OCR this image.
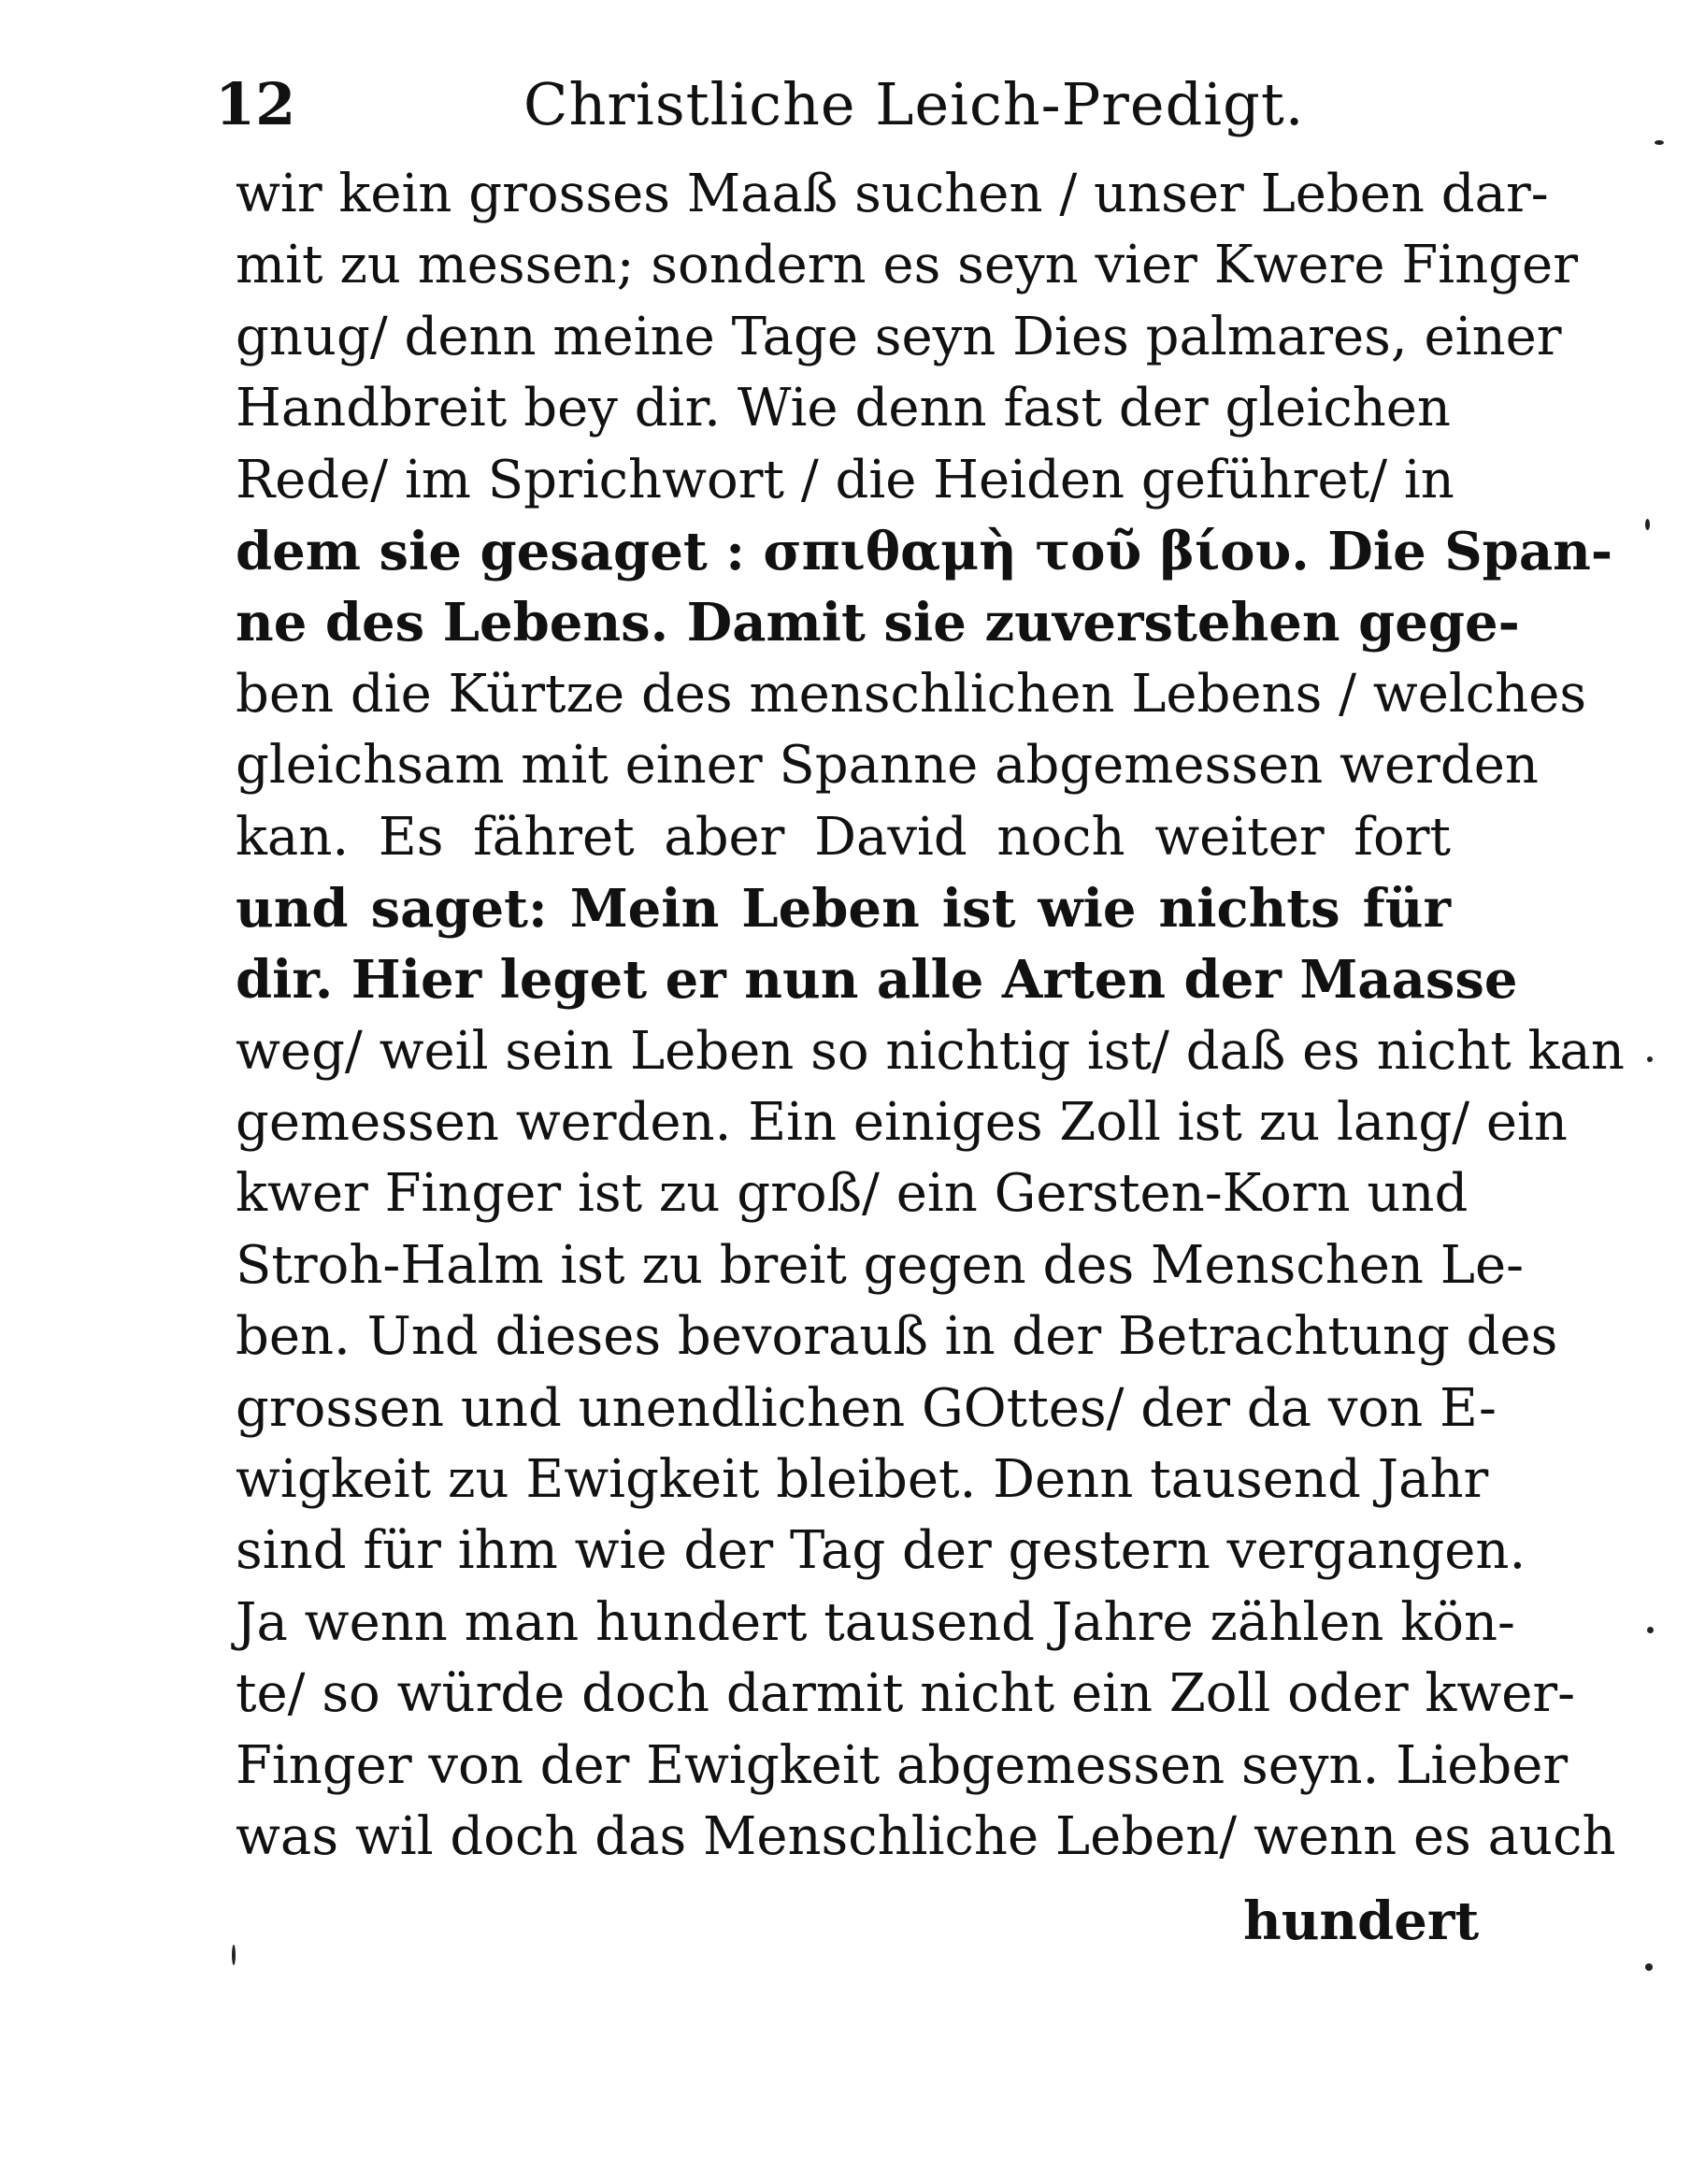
12	Christliche Leich-Predigt.
wir kein grosses Maaß suchen / unser Leben dar-
mit zu messen; sondern es seyn vier Kwere Finger
gnug/ denn meine Tage seyn Dies palmares, einer
Handbreit bey dir. Wie denn fast der gleichen
Rede/ im Sprichwort / die Heiden geführet/ in
dem sie gesaget : σπιθαμὴ τοῦ βίου. Die Span-
ne des Lebens. Damit sie zuverstehen gege-
ben die Kürtze des menschlichen Lebens / welches
gleichsam mit einer Spanne abgemessen werden
kan. Es fähret aber David noch weiter fort
und saget: Mein Leben ist wie nichts für
dir. Hier leget er nun alle Arten der Maasse
weg/ weil sein Leben so nichtig ist/ daß es nicht kan
gemessen werden. Ein einiges Zoll ist zu lang/ ein
kwer Finger ist zu groß/ ein Gersten-Korn und
Stroh-Halm ist zu breit gegen des Menschen Le-
ben. Und dieses bevorauß in der Betrachtung des
grossen und unendlichen GOttes/ der da von E-
wigkeit zu Ewigkeit bleibet. Denn tausend Jahr
sind für ihm wie der Tag der gestern vergangen.
Ja wenn man hundert tausend Jahre zählen kön-
te/ so würde doch darmit nicht ein Zoll oder kwer-
Finger von der Ewigkeit abgemessen seyn. Lieber
was wil doch das Menschliche Leben/ wenn es auch
hundert
